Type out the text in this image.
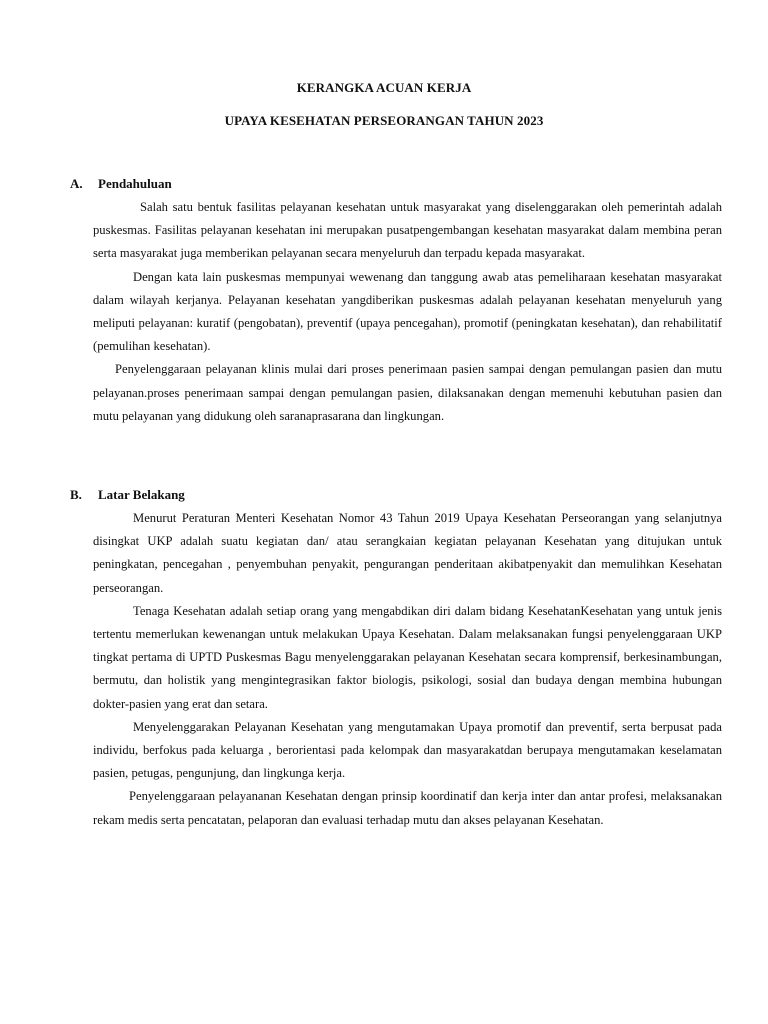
KERANGKA ACUAN KERJA
UPAYA KESEHATAN PERSEORANGAN TAHUN 2023
A. Pendahuluan

Salah satu bentuk fasilitas pelayanan kesehatan untuk masyarakat yang diselenggarakan oleh pemerintah adalah puskesmas. Fasilitas pelayanan kesehatan ini merupakan pusatpengembangan kesehatan masyarakat dalam membina peran serta masyarakat juga memberikan pelayanan secara menyeluruh dan terpadu kepada masyarakat.

Dengan kata lain puskesmas mempunyai wewenang dan tanggung awab atas pemeliharaan kesehatan masyarakat dalam wilayah kerjanya. Pelayanan kesehatan yangdiberikan puskesmas adalah pelayanan kesehatan menyeluruh yang meliputi pelayanan: kuratif (pengobatan), preventif (upaya pencegahan), promotif (peningkatan kesehatan), dan rehabilitatif (pemulihan kesehatan).

Penyelenggaraan pelayanan klinis mulai dari proses penerimaan pasien sampai dengan pemulangan pasien dan mutu pelayanan.proses penerimaan sampai dengan pemulangan pasien, dilaksanakan dengan memenuhi kebutuhan pasien dan mutu pelayanan yang didukung oleh saranaprasarana dan lingkungan.

B. Latar Belakang

Menurut Peraturan Menteri Kesehatan Nomor 43 Tahun 2019 Upaya Kesehatan Perseorangan yang selanjutnya disingkat UKP adalah suatu kegiatan dan/ atau serangkaian kegiatan pelayanan Kesehatan yang ditujukan untuk peningkatan, pencegahan , penyembuhan penyakit, pengurangan penderitaan akibatpenyakit dan memulihkan Kesehatan perseorangan.

Tenaga Kesehatan adalah setiap orang yang mengabdikan diri dalam bidang KesehatanKesehatan yang untuk jenis tertentu memerlukan kewenangan untuk melakukan Upaya Kesehatan. Dalam melaksanakan fungsi penyelenggaraan UKP tingkat pertama di UPTD Puskesmas Bagu menyelenggarakan pelayanan Kesehatan secara komprensif, berkesinambungan, bermutu, dan holistik yang mengintegrasikan faktor biologis, psikologi, sosial dan budaya dengan membina hubungan dokter-pasien yang erat dan setara.

Menyelenggarakan Pelayanan Kesehatan yang mengutamakan Upaya promotif dan preventif, serta berpusat pada individu, berfokus pada keluarga , berorientasi pada kelompak dan masyarakatdan berupaya mengutamakan keselamatan pasien, petugas, pengunjung, dan lingkunga kerja.

Penyelenggaraan pelayananan Kesehatan dengan prinsip koordinatif dan kerja inter dan antar profesi, melaksanakan rekam medis serta pencatatan, pelaporan dan evaluasi terhadap mutu dan akses pelayanan Kesehatan.
